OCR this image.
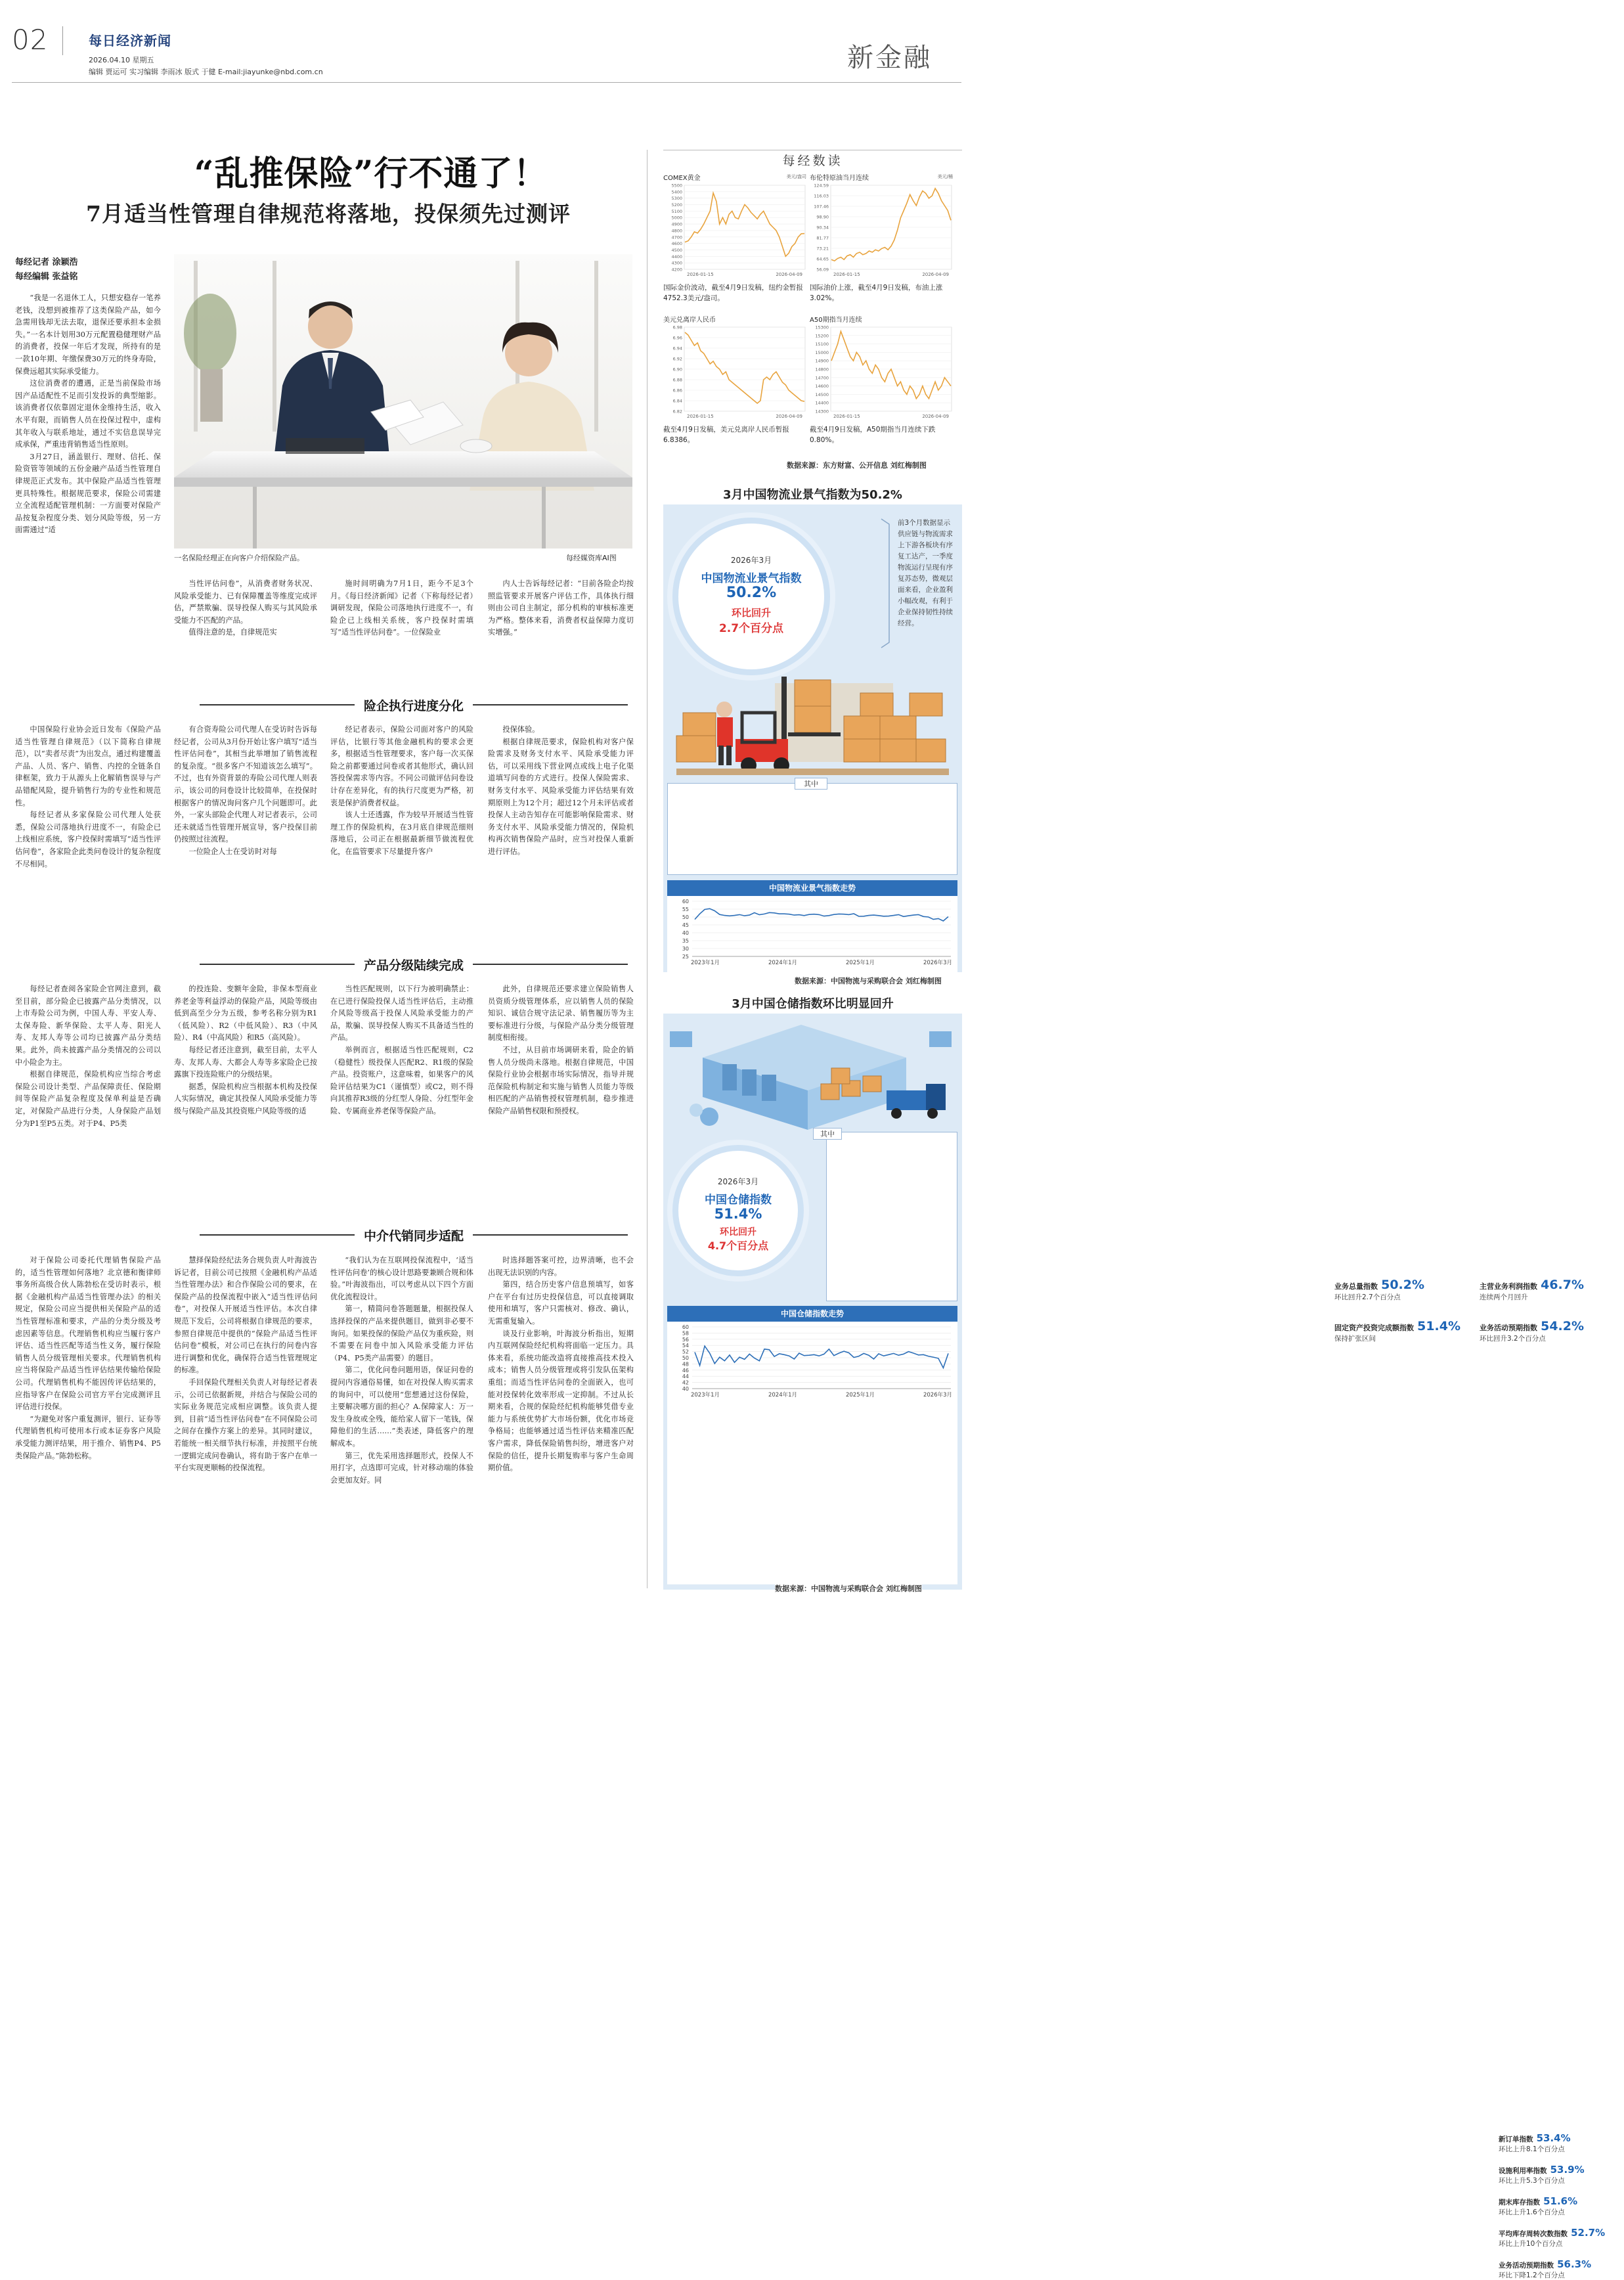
02	每日经济新闻
2026.04.10 星期五
编辑 贾运可 实习编辑 李雨冰 版式 于健 E-mail:jiayunke@nbd.com.cn	新金融
“乱推保险”行不通了！
7月适当性管理自律规范将落地，投保须先过测评
每经记者 涂颖浩
每经编辑 张益铭

“我是一名退休工人，只想安稳存一笔养老钱，没想到被推荐了这类保险产品，如今急需用钱却无法去取，退保还要承担本金损失。”一名本计划用30万元配置稳健理财产品的消费者，投保一年后才发现，所持有的是一款10年期、年缴保费30万元的终身寿险，保费远超其实际承受能力。

这位消费者的遭遇，正是当前保险市场因产品适配性不足而引发投诉的典型缩影。该消费者仅依靠固定退休金维持生活，收入水平有限，而销售人员在投保过程中，虚构其年收入与联系地址，通过不实信息误导完成承保，严重违背销售适当性原则。

3月27日，涵盖银行、理财、信托、保险资管等领域的五份金融产品适当性管理自律规范正式发布。其中保险产品适当性管理更具特殊性。根据规范要求，保险公司需建立全流程适配管理机制：一方面要对保险产品按复杂程度分类、划分风险等级，另一方面需通过“适

一名保险经理正在向客户介绍保险产品。	每经媒资库AI图

当性评估问卷”，从消费者财务状况、风险承受能力、已有保障覆盖等维度完成评估，严禁欺骗、误导投保人购买与其风险承受能力不匹配的产品。

值得注意的是，自律规范实

施时间明确为7月1日，距今不足3个月。《每日经济新闻》记者（下称每经记者）调研发现，保险公司落地执行进度不一，有险企已上线相关系统，客户投保时需填写“适当性评估问卷”。一位保险业

内人士告诉每经记者：“目前各险企均按照监管要求开展客户评估工作，具体执行细则由公司自主制定，部分机构的审核标准更为严格。整体来看，消费者权益保障力度切实增强。”

险企执行进度分化

中国保险行业协会近日发布《保险产品适当性管理自律规范》（以下简称自律规范），以“卖者尽责”为出发点，通过构建覆盖产品、人员、客户、销售、内控的全链条自律框架，致力于从源头上化解销售误导与产品错配风险，提升销售行为的专业性和规范性。

每经记者从多家保险公司代理人处获悉，保险公司落地执行进度不一，有险企已上线相应系统，客户投保时需填写“适当性评估问卷”，各家险企此类问卷设计的复杂程度不尽相同。

有合资寿险公司代理人在受访时告诉每经记者，公司从3月份开始让客户填写“适当性评估问卷”，其相当此举增加了销售流程的复杂度。“很多客户不知道该怎么填写”。不过，也有外资背景的寿险公司代理人则表示，该公司的问卷设计比较简单，在投保时根据客户的情况询问客户几个问题即可。此外，一家头部险企代理人对记者表示，公司还未就适当性管理开展宣导，客户投保目前仍按照过往流程。

一位险企人士在受访时对每

经记者表示，保险公司面对客户的风险评估，比银行等其他金融机构的要求会更多，根据适当性管理要求，客户每一次买保险之前都要通过问卷或者其他形式，确认回答投保需求等内容。不同公司做评估问卷设计存在差异化，有的执行尺度更为严格，初衷是保护消费者权益。

该人士还透露，作为较早开展适当性管理工作的保险机构，在3月底自律规范细则落地后，公司正在根据最新细节做流程优化，在监管要求下尽量提升客户

投保体验。

根据自律规范要求，保险机构对客户保险需求及财务支付水平、风险承受能力评估，可以采用线下营业网点或线上电子化渠道填写问卷的方式进行。投保人保险需求、财务支付水平、风险承受能力评估结果有效期原则上为12个月；超过12个月未评估或者投保人主动告知存在可能影响保险需求、财务支付水平、风险承受能力情况的，保险机构再次销售保险产品时，应当对投保人重新进行评估。

产品分级陆续完成

每经记者查阅各家险企官网注意到，截至目前，部分险企已披露产品分类情况，以上市寿险公司为例，中国人寿、平安人寿、太保寿险、新华保险、太平人寿、阳光人寿、友邦人寿等公司均已披露产品分类结果。此外，尚未披露产品分类情况的公司以中小险企为主。

根据自律规范，保险机构应当综合考虑保险公司设计类型、产品保障责任、保险期间等保险产品复杂程度及保单利益是否确定，对保险产品进行分类，人身保险产品划分为P1至P5五类。对于P4、P5类

的投连险、变额年金险，非保本型商业养老金等利益浮动的保险产品，风险等级由低到高至少分为五级，参考名称分别为R1（低风险）、R2（中低风险）、R3（中风险）、R4（中高风险）和R5（高风险）。

每经记者还注意到，截至目前，太平人寿、友邦人寿、大都会人寿等多家险企已按露旗下投连险账户的分级结果。

据悉，保险机构应当根据本机构及投保人实际情况，确定其投保人风险承受能力等级与保险产品及其投资账户风险等级的适

当性匹配规则，以下行为被明确禁止：在已进行保险投保人适当性评估后，主动推介风险等级高于投保人风险承受能力的产品，欺骗、误导投保人购买不具备适当性的产品。

举例而言，根据适当性匹配规则，C2（稳健性）级投保人匹配R2、R1级的保险产品。投资账户，这意味着，如果客户的风险评估结果为C1（谨慎型）或C2，则不得向其推荐R3级的分红型人身险、分红型年金险、专属商业养老保等保险产品。

此外，自律规范还要求建立保险销售人员资质分级管理体系，应以销售人员的保险知识、诚信合规守法记录、销售履历等为主要标准进行分级，与保险产品分类分级管理制度相衔接。

不过，从目前市场调研来看，险企的销售人员分级尚未落地。根据自律规范，中国保险行业协会根据市场实际情况，指导并规范保险机构制定和实施与销售人员能力等级相匹配的产品销售授权管理机制，稳步推进保险产品销售权限和预授权。

中介代销同步适配

对于保险公司委托代理销售保险产品的，适当性管理如何落地？北京德和衡律师事务所高级合伙人陈勃松在受访时表示，根据《金融机构产品适当性管理办法》的相关规定，保险公司应当提供相关保险产品的适当性管理标准和要求，产品的分类分级及考虑因素等信息。代理销售机构应当履行客户评估、适当性匹配等适当性义务，履行保险销售人员分级管理相关要求。代理销售机构应当将保险产品适当性评估结果传输给保险公司。代理销售机构不能因传评估结果的，应指导客户在保险公司官方平台完成测评且评估进行投保。

“为避免对客户重复测评，银行、证券等代理销售机构可使用本行或本证券客户风险承受能力测评结果，用于推介、销售P4、P5类保险产品。”陈勃松称。

慧择保险经纪法务合规负责人叶海波告诉记者，目前公司已按照《金融机构产品适当性管理办法》和合作保险公司的要求，在保险产品的投保流程中嵌入“适当性评估问卷”，对投保人开展适当性评估。本次自律规范下发后，公司将根据自律规范的要求，参照自律规范中提供的“保险产品适当性评估问卷”模板，对公司已在执行的问卷内容进行调整和优化，确保符合适当性管理规定的标准。

手回保险代理相关负责人对每经记者表示，公司已依据新规，并结合与保险公司的实际业务规范完成相应调整。该负责人提到，目前“适当性评估问卷”在不同保险公司之间存在操作方案上的差异。其同时建议，若能统一相关细节执行标准，并按照平台统一逻辑完成问卷确认，将有助于客户在单一平台实现更顺畅的投保流程。

“我们认为在互联网投保流程中，‘适当性评估问卷’的核心设计思路要兼顾合规和体验。”叶海波指出，可以考虑从以下四个方面优化流程设计。

第一，精简问卷答题题量，根据投保人选择投保的产品来提供题目，做到非必要不询问。如果投保的保险产品仅为重疾险，则不需要在问卷中加入风险承受能力评估（P4、P5类产品需要）的题目。

第二，优化问卷问题用语，保证问卷的提问内容通俗易懂，如在对投保人购买需求的询问中，可以使用“您想通过这份保险，主要解决哪方面的担心？A.保障家人：万一发生身故或全残，能给家人留下一笔钱，保障他们的生活……”类表述，降低客户的理解成本。

第三，优先采用选择题形式，投保人不用打字，点选即可完成，针对移动端的体验会更加友好。同

时选择题答案可控，边界清晰，也不会出现无法识别的内容。

第四，结合历史客户信息预填写，如客户在平台有过历史投保信息，可以直接调取使用和填写，客户只需核对、修改、确认，无需重复输入。

谈及行业影响，叶海波分析指出，短期内互联网保险经纪机构将面临一定压力。具体来看，系统功能改造将直接推高技术投入成本；销售人员分级管理或将引发队伍架构重组；而适当性评估问卷的全面嵌入，也可能对投保转化效率形成一定抑制。不过从长期来看，合规的保险经纪机构能够凭借专业能力与系统优势扩大市场份额，优化市场竞争格局；也能够通过适当性评估来精准匹配客户需求，降低保险销售纠纷，增进客户对保险的信任，提升长期复购率与客户生命周期价值。

每经数读
COMEX黄金	美元/盎司
5500
5400
5300
5200
5100
5000
4900
4800
4700
4600
4500
4400
4300
4200
2026-01-15	2026-04-09
国际金价波动，截至4月9日发稿，纽约金暂报4752.3美元/盎司。
布伦特原油当月连续	美元/桶
124.59
116.03
107.46
98.90
90.34
81.77
73.21
64.65
56.09
2026-01-15	2026-04-09
国际油价上涨，截至4月9日发稿，布油上涨3.02%。
美元兑离岸人民币
6.98
6.96
6.94
6.92
6.90
6.88
6.86
6.84
6.82
2026-01-15	2026-04-09
截至4月9日发稿，美元兑离岸人民币暂报6.8386。
A50期指当月连续
15300
15200
15100
15000
14900
14800
14700
14600
14500
14400
14300
2026-01-15	2026-04-09
截至4月9日发稿，A50期指当月连续下跌0.80%。
数据来源：东方财富、公开信息 刘红梅制图
3月中国物流业景气指数为50.2%
2026年3月
中国物流业景气指数
50.2%
环比回升
2.7个百分点
前3个月数据显示供应链与物流需求上下游各板块有序复工达产，一季度物流运行呈现有序复苏态势，微观层面来看，企业盈利小幅改观，有利于企业保持韧性持续经营。
其中
业务总量指数 50.2%
环比回升2.7个百分点
主营业务利润指数 46.7%
连续两个月回升
固定资产投资完成额指数 51.4%
保持扩张区间
业务活动预期指数 54.2%
环比回升3.2个百分点
中国物流业景气指数走势
60
55
50
45
40
35
30
25
2023年1月	2024年1月	2025年1月	2026年3月
数据来源：中国物流与采购联合会 刘红梅制图
3月中国仓储指数环比明显回升
2026年3月
中国仓储指数
51.4%
环比回升
4.7个百分点
其中
新订单指数 53.4%
环比上升8.1个百分点
设施利用率指数 53.9%
环比上升5.3个百分点
期末库存指数 51.6%
环比上升1.6个百分点
平均库存周转次数指数 52.7%
环比上升10个百分点
业务活动预期指数 56.3%
环比下降1.2个百分点
中国仓储指数走势
60
58
56
54
52
50
48
46
44
42
40
2023年1月	2024年1月	2025年1月	2026年3月
数据来源：中国物流与采购联合会 刘红梅制图
